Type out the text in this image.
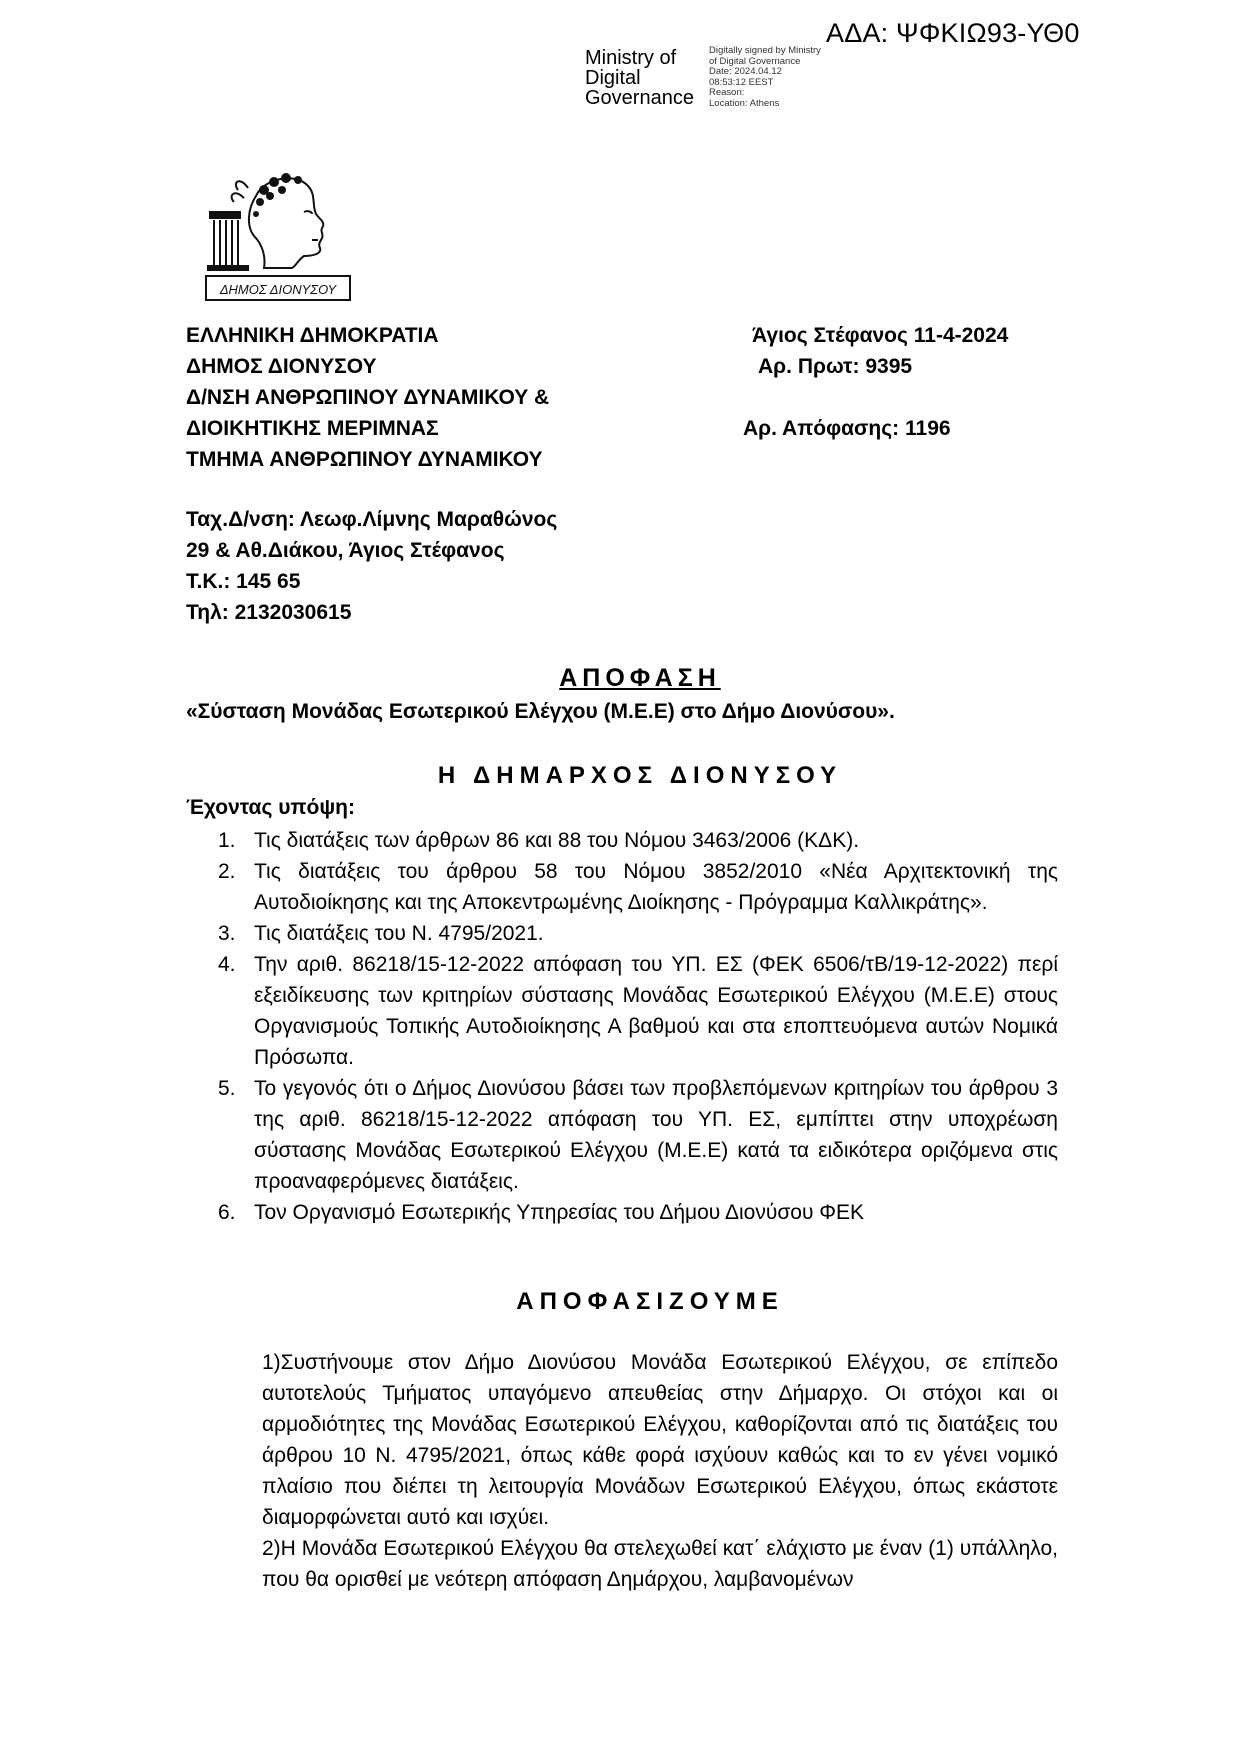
ΑΔΑ: ΨΦΚΙΩ93-ΥΘ0
Ministry of
Digital
Governance
Digitally signed by Ministry
of Digital Governance
Date: 2024.04.12
08:53:12 EEST
Reason:
Location: Athens
ΔΗΜΟΣ ΔΙΟΝΥΣΟΥ
ΕΛΛΗΝΙΚΗ ΔΗΜΟΚΡΑΤΙΑ
ΔΗΜΟΣ ΔΙΟΝΥΣΟΥ
Δ/ΝΣΗ ΑΝΘΡΩΠΙΝΟΥ ΔΥΝΑΜΙΚΟΥ &
ΔΙΟΙΚΗΤΙΚΗΣ ΜΕΡΙΜΝΑΣ
ΤΜΗΜΑ ΑΝΘΡΩΠΙΝΟΥ ΔΥΝΑΜΙΚΟΥ
Άγιος Στέφανος 11-4-2024
Αρ. Πρωτ: 9395
Αρ. Απόφασης: 1196
Ταχ.Δ/νση: Λεωφ.Λίμνης Μαραθώνος
29 & Αθ.Διάκου, Άγιος Στέφανος
Τ.Κ.: 145 65
Τηλ: 2132030615
ΑΠΟΦΑΣΗ
«Σύσταση Μονάδας Εσωτερικού Ελέγχου (Μ.Ε.Ε) στο Δήμο Διονύσου».
Η ΔΗΜΑΡΧΟΣ ΔΙΟΝΥΣΟΥ
Έχοντας υπόψη:
1. Τις διατάξεις των άρθρων 86 και 88 του Νόμου 3463/2006 (ΚΔΚ).
2. Τις διατάξεις του άρθρου 58 του Νόμου 3852/2010 «Νέα Αρχιτεκτονική της Αυτοδιοίκησης και της Αποκεντρωμένης Διοίκησης - Πρόγραμμα Καλλικράτης».
3. Τις διατάξεις του Ν. 4795/2021.
4. Την αριθ. 86218/15-12-2022 απόφαση του ΥΠ. ΕΣ (ΦΕΚ 6506/τΒ/19-12-2022) περί εξειδίκευσης των κριτηρίων σύστασης Μονάδας Εσωτερικού Ελέγχου (Μ.Ε.Ε) στους Οργανισμούς Τοπικής Αυτοδιοίκησης Α βαθμού και στα εποπτευόμενα αυτών Νομικά Πρόσωπα.
5. Το γεγονός ότι ο Δήμος Διονύσου βάσει των προβλεπόμενων κριτηρίων του άρθρου 3 της αριθ. 86218/15-12-2022 απόφαση του ΥΠ. ΕΣ, εμπίπτει στην υποχρέωση σύστασης Μονάδας Εσωτερικού Ελέγχου (Μ.Ε.Ε) κατά τα ειδικότερα οριζόμενα στις προαναφερόμενες διατάξεις.
6. Τον Οργανισμό Εσωτερικής Υπηρεσίας του Δήμου Διονύσου ΦΕΚ
ΑΠΟΦΑΣΙΖΟΥΜΕ

1)Συστήνουμε στον Δήμο Διονύσου Μονάδα Εσωτερικού Ελέγχου, σε επίπεδο αυτοτελούς Τμήματος υπαγόμενο απευθείας στην Δήμαρχο. Οι στόχοι και οι αρμοδιότητες της Μονάδας Εσωτερικού Ελέγχου, καθορίζονται από τις διατάξεις του άρθρου 10 Ν. 4795/2021, όπως κάθε φορά ισχύουν καθώς και το εν γένει νομικό πλαίσιο που διέπει τη λειτουργία Μονάδων Εσωτερικού Ελέγχου, όπως εκάστοτε διαμορφώνεται αυτό και ισχύει.

2)Η Μονάδα Εσωτερικού Ελέγχου θα στελεχωθεί κατ΄ ελάχιστο με έναν (1) υπάλληλο, που θα ορισθεί με νεότερη απόφαση Δημάρχου, λαμβανομένων
